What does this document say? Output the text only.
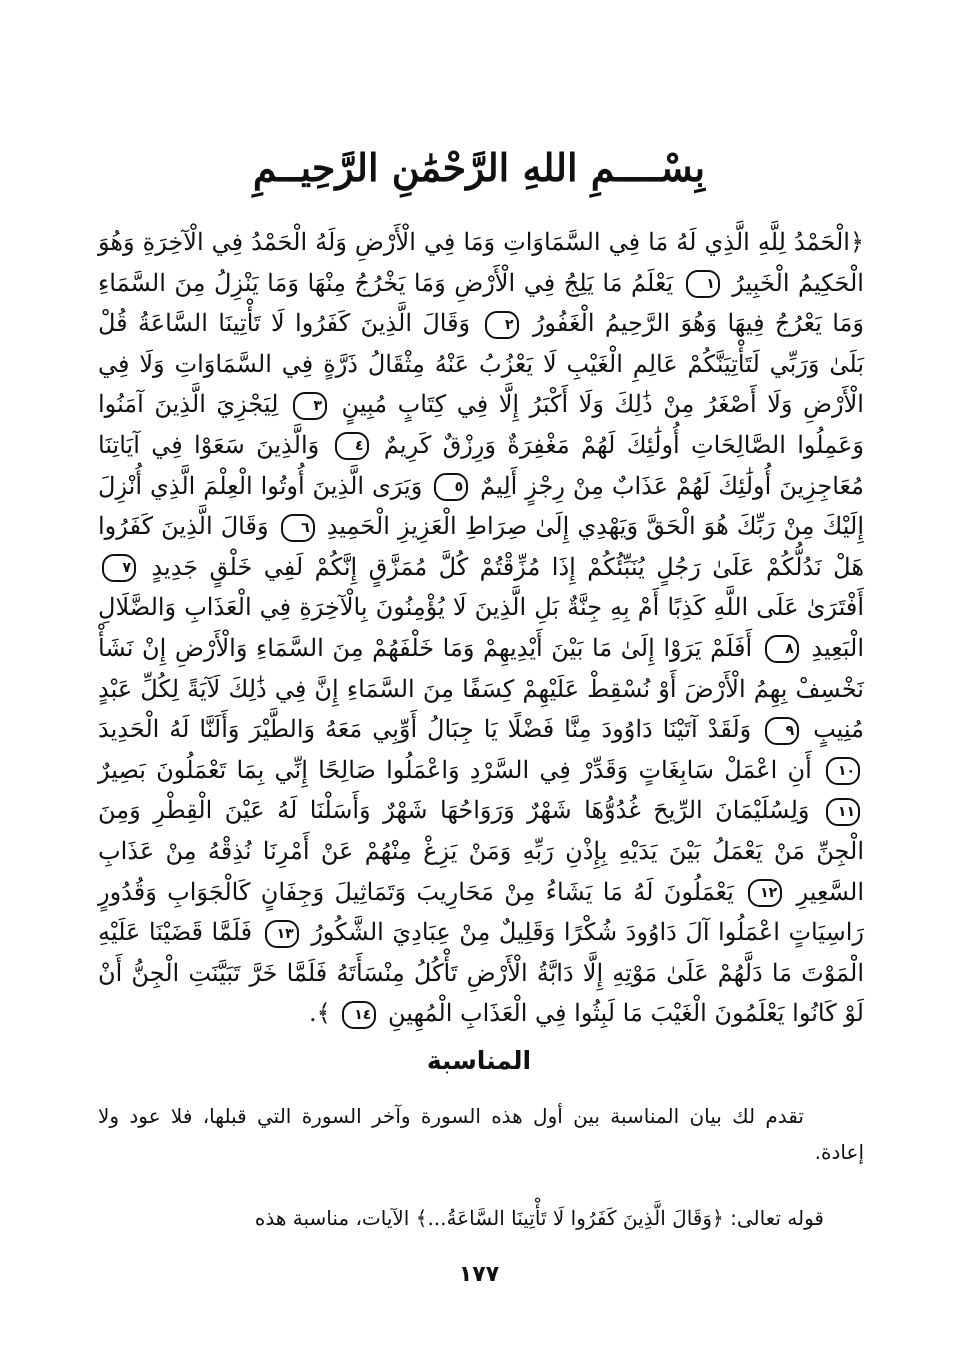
بِسْــــمِ اللهِ الرَّحْمَٰنِ الرَّحِيــمِ
﴿الْحَمْدُ لِلَّهِ الَّذِي لَهُ مَا فِي السَّمَاوَاتِ وَمَا فِي الْأَرْضِ وَلَهُ الْحَمْدُ فِي الْآخِرَةِ وَهُوَ الْحَكِيمُ الْخَبِيرُ ١ يَعْلَمُ مَا يَلِجُ فِي الْأَرْضِ وَمَا يَخْرُجُ مِنْهَا وَمَا يَنْزِلُ مِنَ السَّمَاءِ وَمَا يَعْرُجُ فِيهَا وَهُوَ الرَّحِيمُ الْغَفُورُ ٢ وَقَالَ الَّذِينَ كَفَرُوا لَا تَأْتِينَا السَّاعَةُ قُلْ بَلَىٰ وَرَبِّي لَتَأْتِيَنَّكُمْ عَالِمِ الْغَيْبِ لَا يَعْزُبُ عَنْهُ مِثْقَالُ ذَرَّةٍ فِي السَّمَاوَاتِ وَلَا فِي الْأَرْضِ وَلَا أَصْغَرُ مِنْ ذَٰلِكَ وَلَا أَكْبَرُ إِلَّا فِي كِتَابٍ مُبِينٍ ٣ لِيَجْزِيَ الَّذِينَ آمَنُوا وَعَمِلُوا الصَّالِحَاتِ أُولَٰئِكَ لَهُمْ مَغْفِرَةٌ وَرِزْقٌ كَرِيمٌ ٤ وَالَّذِينَ سَعَوْا فِي آيَاتِنَا مُعَاجِزِينَ أُولَٰئِكَ لَهُمْ عَذَابٌ مِنْ رِجْزٍ أَلِيمٌ ٥ وَيَرَى الَّذِينَ أُوتُوا الْعِلْمَ الَّذِي أُنْزِلَ إِلَيْكَ مِنْ رَبِّكَ هُوَ الْحَقَّ وَيَهْدِي إِلَىٰ صِرَاطِ الْعَزِيزِ الْحَمِيدِ ٦ وَقَالَ الَّذِينَ كَفَرُوا هَلْ نَدُلُّكُمْ عَلَىٰ رَجُلٍ يُنَبِّئُكُمْ إِذَا مُزِّقْتُمْ كُلَّ مُمَزَّقٍ إِنَّكُمْ لَفِي خَلْقٍ جَدِيدٍ ٧ أَفْتَرَىٰ عَلَى اللَّهِ كَذِبًا أَمْ بِهِ جِنَّةٌ بَلِ الَّذِينَ لَا يُؤْمِنُونَ بِالْآخِرَةِ فِي الْعَذَابِ وَالضَّلَالِ الْبَعِيدِ ٨ أَفَلَمْ يَرَوْا إِلَىٰ مَا بَيْنَ أَيْدِيهِمْ وَمَا خَلْفَهُمْ مِنَ السَّمَاءِ وَالْأَرْضِ إِنْ نَشَأْ نَخْسِفْ بِهِمُ الْأَرْضَ أَوْ نُسْقِطْ عَلَيْهِمْ كِسَفًا مِنَ السَّمَاءِ إِنَّ فِي ذَٰلِكَ لَآيَةً لِكُلِّ عَبْدٍ مُنِيبٍ ٩ وَلَقَدْ آتَيْنَا دَاوُودَ مِنَّا فَضْلًا يَا جِبَالُ أَوِّبِي مَعَهُ وَالطَّيْرَ وَأَلَنَّا لَهُ الْحَدِيدَ ١٠ أَنِ اعْمَلْ سَابِغَاتٍ وَقَدِّرْ فِي السَّرْدِ وَاعْمَلُوا صَالِحًا إِنِّي بِمَا تَعْمَلُونَ بَصِيرٌ ١١ وَلِسُلَيْمَانَ الرِّيحَ غُدُوُّهَا شَهْرٌ وَرَوَاحُهَا شَهْرٌ وَأَسَلْنَا لَهُ عَيْنَ الْقِطْرِ وَمِنَ الْجِنِّ مَنْ يَعْمَلُ بَيْنَ يَدَيْهِ بِإِذْنِ رَبِّهِ وَمَنْ يَزِغْ مِنْهُمْ عَنْ أَمْرِنَا نُذِقْهُ مِنْ عَذَابِ السَّعِيرِ ١٢ يَعْمَلُونَ لَهُ مَا يَشَاءُ مِنْ مَحَارِيبَ وَتَمَاثِيلَ وَجِفَانٍ كَالْجَوَابِ وَقُدُورٍ رَاسِيَاتٍ اعْمَلُوا آلَ دَاوُودَ شُكْرًا وَقَلِيلٌ مِنْ عِبَادِيَ الشَّكُورُ ١٣ فَلَمَّا قَضَيْنَا عَلَيْهِ الْمَوْتَ مَا دَلَّهُمْ عَلَىٰ مَوْتِهِ إِلَّا دَابَّةُ الْأَرْضِ تَأْكُلُ مِنْسَأَتَهُ فَلَمَّا خَرَّ تَبَيَّنَتِ الْجِنُّ أَنْ لَوْ كَانُوا يَعْلَمُونَ الْغَيْبَ مَا لَبِثُوا فِي الْعَذَابِ الْمُهِينِ ١٤ ﴾.
المناسبة
تقدم لك بيان المناسبة بين أول هذه السورة وآخر السورة التي قبلها، فلا عود ولا إعادة.
قوله تعالى: ﴿وَقَالَ الَّذِينَ كَفَرُوا لَا تَأْتِينَا السَّاعَةُ...﴾ الآيات، مناسبة هذه
١٧٧
